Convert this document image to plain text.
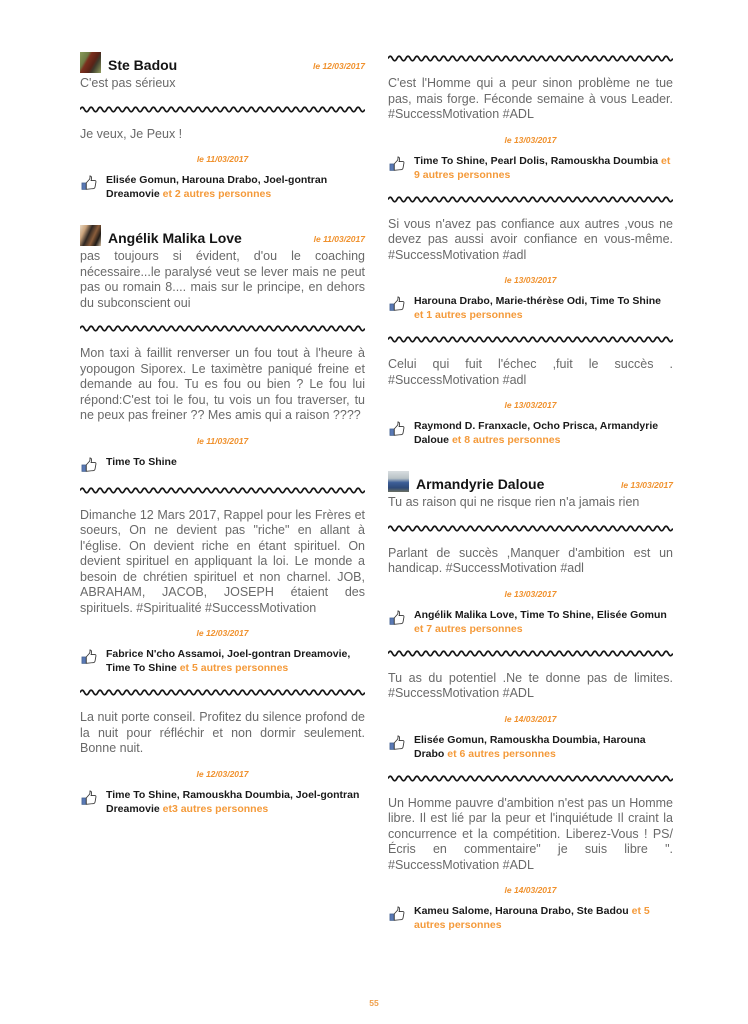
Ste Badou	le 12/03/2017
C'est pas sérieux
Je veux, Je Peux !
le 11/03/2017
Elisée Gomun, Harouna Drabo, Joel-gontran Dreamovie et 2 autres personnes
Angélik Malika Love	le 11/03/2017
pas toujours si évident, d'ou le coaching nécessaire...le paralysé veut se lever mais ne peut pas ou romain 8.... mais sur le principe, en dehors du subconscient oui
Mon taxi à faillit renverser un fou tout à l'heure à yopougon Siporex. Le taximètre paniqué freine et demande au fou. Tu es fou ou bien ? Le fou lui répond:C'est toi le fou, tu vois un fou traverser, tu ne peux pas freiner ?? Mes amis qui a raison ????
le 11/03/2017
Time To Shine
Dimanche 12 Mars 2017, Rappel pour les Frères et soeurs, On ne devient pas "riche" en allant à l'église. On devient riche en étant spirituel. On devient spirituel en appliquant la loi. Le monde a besoin de chrétien spirituel et non charnel. JOB, ABRAHAM, JACOB, JOSEPH étaient des spirituels. #Spiritualité #SuccessMotivation
le 12/03/2017
Fabrice N'cho Assamoi, Joel-gontran Dreamovie, Time To Shine et 5 autres personnes
La nuit porte conseil. Profitez du silence profond de la nuit pour réfléchir et non dormir seulement. Bonne nuit.
le 12/03/2017
Time To Shine, Ramouskha Doumbia, Joel-gontran Dreamovie et3 autres personnes
C'est l'Homme qui a peur sinon problème ne tue pas, mais forge. Féconde semaine à vous Leader. #SuccessMotivation #ADL
le 13/03/2017
Time To Shine, Pearl Dolis, Ramouskha Doumbia et 9 autres personnes
Si vous n'avez pas confiance aux autres ,vous ne devez pas aussi avoir confiance en vous-même. #SuccessMotivation #adl
le 13/03/2017
Harouna Drabo, Marie-thérèse Odi, Time To Shine et 1 autres personnes
Celui qui fuit l'échec ,fuit le succès . #SuccessMotivation #adl
le 13/03/2017
Raymond D. Franxacle, Ocho Prisca, Armandyrie Daloue et 8 autres personnes
Armandyrie Daloue	le 13/03/2017
Tu as raison qui ne risque rien n'a jamais rien
Parlant de succès ,Manquer d'ambition est un handicap. #SuccessMotivation #adl
le 13/03/2017
Angélik Malika Love, Time To Shine, Elisée Gomun et 7 autres personnes
Tu as du potentiel .Ne te donne pas de limites. #SuccessMotivation #ADL
le 14/03/2017
Elisée Gomun, Ramouskha Doumbia, Harouna Drabo et 6 autres personnes
Un Homme pauvre d'ambition n'est pas un Homme libre. Il est lié par la peur et l'inquiétude Il craint la concurrence et la compétition. Liberez-Vous ! PS/ Écris en commentaire" je suis libre ". #SuccessMotivation #ADL
le 14/03/2017
Kameu Salome, Harouna Drabo, Ste Badou et 5 autres personnes
55
